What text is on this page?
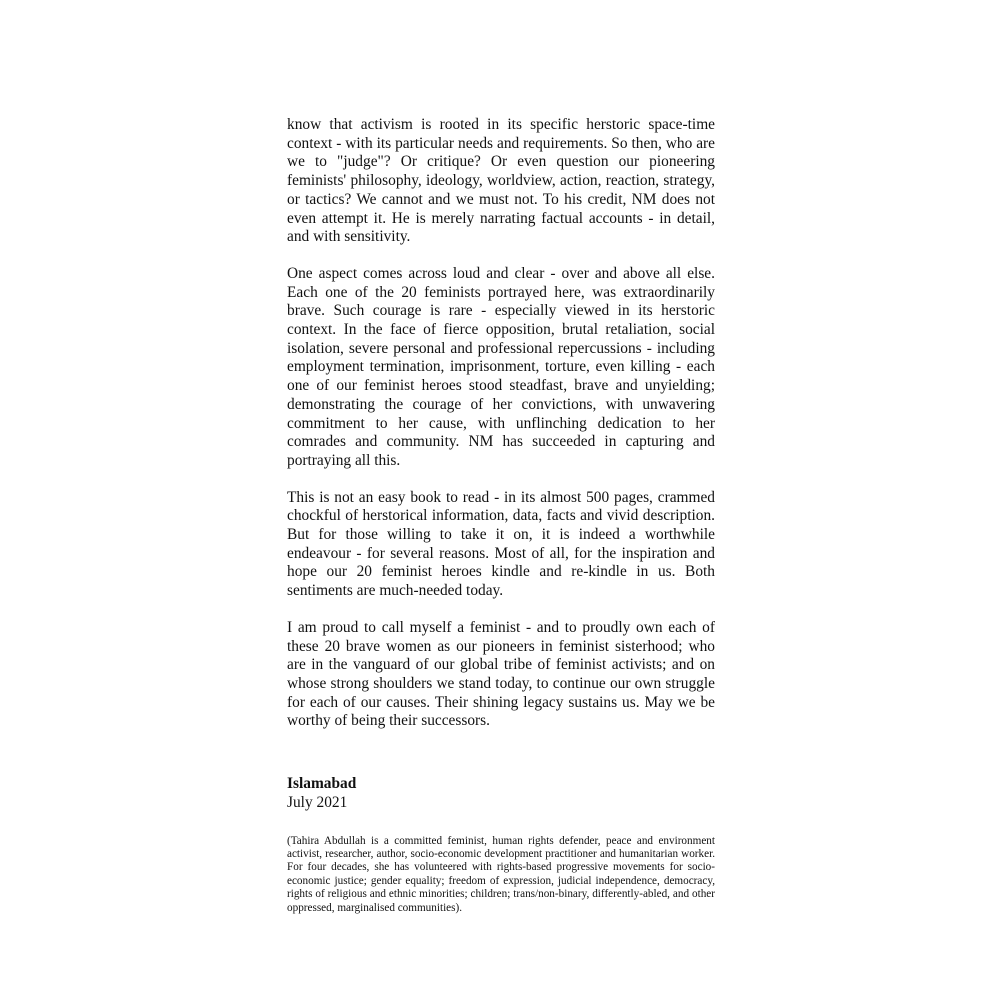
know that activism is rooted in its specific herstoric space-time context - with its particular needs and requirements. So then, who are we to "judge"? Or critique? Or even question our pioneering feminists' philosophy, ideology, worldview, action, reaction, strategy, or tactics? We cannot and we must not. To his credit, NM does not even attempt it. He is merely narrating factual accounts - in detail, and with sensitivity.

One aspect comes across loud and clear - over and above all else. Each one of the 20 feminists portrayed here, was extraordinarily brave. Such courage is rare - especially viewed in its herstoric context. In the face of fierce opposition, brutal retaliation, social isolation, severe personal and professional repercussions - including employment termination, imprisonment, torture, even killing - each one of our feminist heroes stood steadfast, brave and unyielding; demonstrating the courage of her convictions, with unwavering commitment to her cause, with unflinching dedication to her comrades and community. NM has succeeded in capturing and portraying all this.

This is not an easy book to read - in its almost 500 pages, crammed chockful of herstorical information, data, facts and vivid description. But for those willing to take it on, it is indeed a worthwhile endeavour - for several reasons. Most of all, for the inspiration and hope our 20 feminist heroes kindle and re-kindle in us. Both sentiments are much-needed today.

I am proud to call myself a feminist - and to proudly own each of these 20 brave women as our pioneers in feminist sisterhood; who are in the vanguard of our global tribe of feminist activists; and on whose strong shoulders we stand today, to continue our own struggle for each of our causes. Their shining legacy sustains us. May we be worthy of being their successors.

Islamabad
July 2021

(Tahira Abdullah is a committed feminist, human rights defender, peace and environment activist, researcher, author, socio-economic development practitioner and humanitarian worker. For four decades, she has volunteered with rights-based progressive movements for socio-economic justice; gender equality; freedom of expression, judicial independence, democracy, rights of religious and ethnic minorities; children; trans/non-binary, differently-abled, and other oppressed, marginalised communities).
